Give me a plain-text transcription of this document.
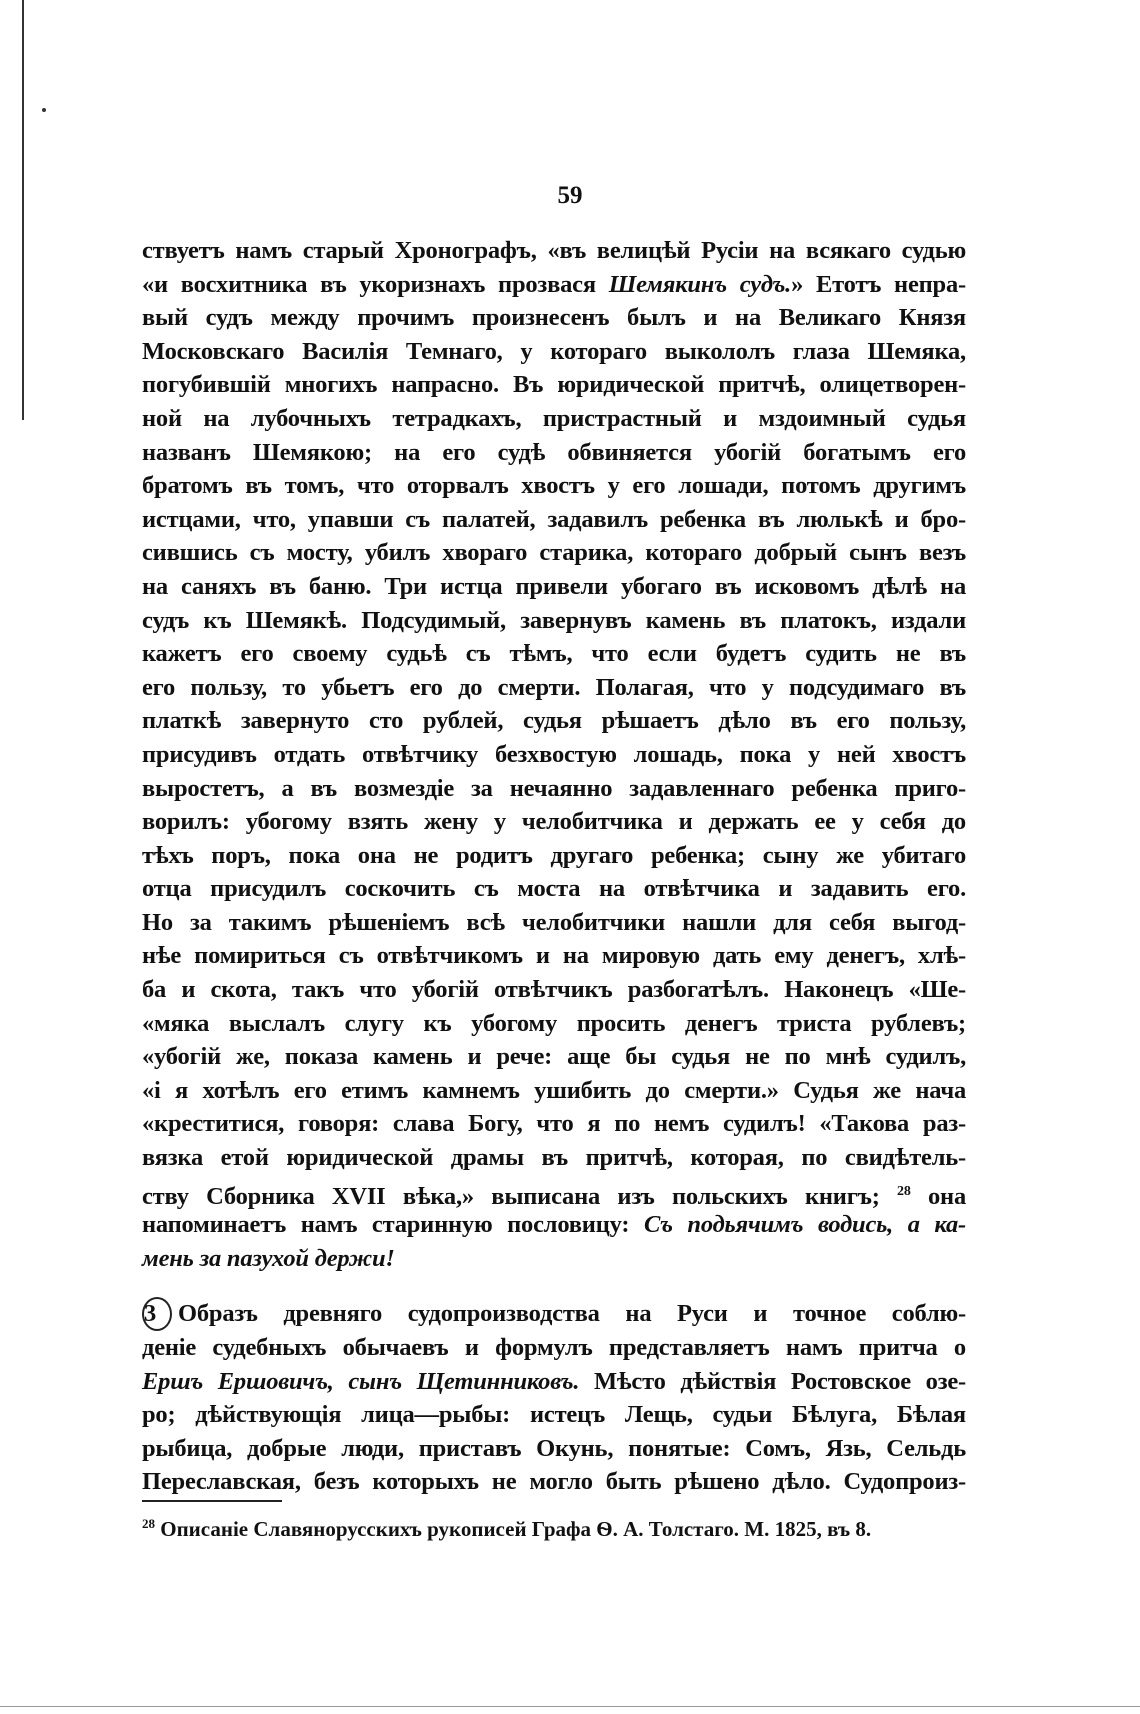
59
ствуетъ намъ старый Хронографъ, «въ велицѣй Русіи на всякаго судью
«и восхитника въ укоризнахъ прозвася Шемякинъ судъ.» Етотъ непра-
вый судъ между прочимъ произнесенъ былъ и на Великаго Князя
Московскаго Василія Темнаго, у котораго выкололъ глаза Шемяка,
погубившій многихъ напрасно. Въ юридической притчѣ, олицетворен-
ной на лубочныхъ тетрадкахъ, пристрастный и мздоимный судья
названъ Шемякою; на его судѣ обвиняется убогій богатымъ его
братомъ въ томъ, что оторвалъ хвостъ у его лошади, потомъ другимъ
истцами, что, упавши съ палатей, задавилъ ребенка въ люлькѣ и бро-
сившись съ мосту, убилъ хвораго старика, котораго добрый сынъ везъ
на саняхъ въ баню. Три истца привели убогаго въ исковомъ дѣлѣ на
судъ къ Шемякѣ. Подсудимый, завернувъ камень въ платокъ, издали
кажетъ его своему судьѣ съ тѣмъ, что если будетъ судить не въ
его пользу, то убьетъ его до смерти. Полагая, что у подсудимаго въ
платкѣ завернуто сто рублей, судья рѣшаетъ дѣло въ его пользу,
присудивъ отдать отвѣтчику безхвостую лошадь, пока у ней хвостъ
выростетъ, а въ возмездіе за нечаянно задавленнаго ребенка приго-
ворилъ: убогому взять жену у челобитчика и держать ее у себя до
тѣхъ поръ, пока она не родитъ другаго ребенка; сыну же убитаго
отца присудилъ соскочить съ моста на отвѣтчика и задавить его.
Но за такимъ рѣшеніемъ всѣ челобитчики нашли для себя выгод-
нѣе помириться съ отвѣтчикомъ и на мировую дать ему денегъ, хлѣ-
ба и скота, такъ что убогій отвѣтчикъ разбогатѣлъ. Наконецъ «Ше-
«мяка выслалъ слугу къ убогому просить денегъ триста рублевъ;
«убогій же, показа камень и рече: аще бы судья не по мнѣ судилъ,
«і я хотѣлъ его етимъ камнемъ ушибить до смерти.» Судья же нача
«креститися, говоря: слава Богу, что я по немъ судилъ! «Такова раз-
вязка етой юридической драмы въ притчѣ, которая, по свидѣтель-
ству Сборника XVII вѣка,» выписана изъ польскихъ книгъ; $^{28}$ она
напоминаетъ намъ старинную пословицу: Съ подьячимъ водись, а ка-
мень за пазухой держи!
3 Образъ древняго судопроизводства на Руси и точное соблю-
деніе судебныхъ обычаевъ и формулъ представляетъ намъ притча о
Ершъ Ершовичъ, сынъ Щетинниковъ. Мѣсто дѣйствія Ростовское озе-
ро; дѣйствующія лица—рыбы: истецъ Лещь, судьи Бѣлуга, Бѣлая
рыбица, добрые люди, приставъ Окунь, понятые: Сомъ, Язь, Сельдь
Переславская, безъ которыхъ не могло быть рѣшено дѣло. Судопроиз-
$^{28}$ Описаніе Славянорусскихъ рукописей Графа Ѳ. А. Толстаго. М. 1825, въ 8.
